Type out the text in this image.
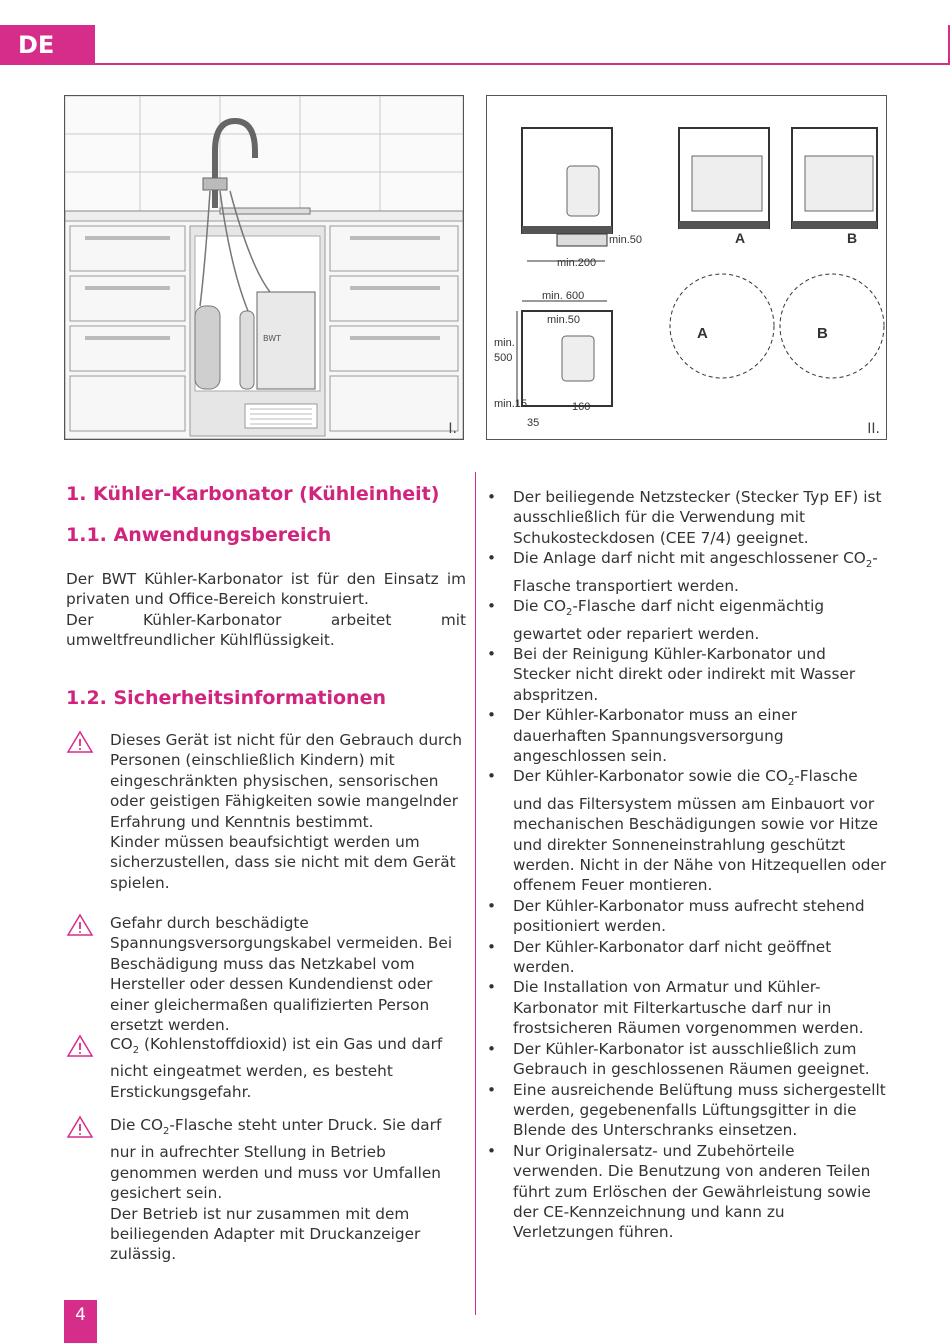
DE
BWT
I.
min.50
min.200
min. 600
min.50
min.
500
min.15	160
35
A	B
A	B
II.
1. Kühler-Karbonator (Kühleinheit)
1.1. Anwendungsbereich
Der BWT Kühler-Karbonator ist für den Einsatz im privaten und Office-Bereich konstruiert.
Der Kühler-Karbonator arbeitet mit umweltfreundlicher Kühlflüssigkeit.
1.2. Sicherheitsinformationen
Dieses Gerät ist nicht für den Gebrauch durch Personen (einschließlich Kindern) mit eingeschränkten physischen, sensorischen oder geistigen Fähigkeiten sowie mangelnder Erfahrung und Kenntnis bestimmt.
Kinder müssen beaufsichtigt werden um sicherzustellen, dass sie nicht mit dem Gerät spielen.
Gefahr durch beschädigte Spannungsversorgungskabel vermeiden. Bei Beschädigung muss das Netzkabel vom Hersteller oder dessen Kundendienst oder einer gleichermaßen qualifizierten Person ersetzt werden.
$CO_2$ (Kohlenstoffdioxid) ist ein Gas und darf nicht eingeatmet werden, es besteht Erstickungsgefahr.
Die $CO_2$-Flasche steht unter Druck. Sie darf nur in aufrechter Stellung in Betrieb genommen werden und muss vor Umfallen gesichert sein.
Der Betrieb ist nur zusammen mit dem beiliegenden Adapter mit Druckanzeiger zulässig.
• Der beiliegende Netzstecker (Stecker Typ EF) ist ausschließlich für die Verwendung mit Schukosteckdosen (CEE 7/4) geeignet.
• Die Anlage darf nicht mit angeschlossener $CO_2$-Flasche transportiert werden.
• Die $CO_2$-Flasche darf nicht eigenmächtig gewartet oder repariert werden.
• Bei der Reinigung Kühler-Karbonator und Stecker nicht direkt oder indirekt mit Wasser abspritzen.
• Der Kühler-Karbonator muss an einer dauerhaften Spannungsversorgung angeschlossen sein.
• Der Kühler-Karbonator sowie die $CO_2$-Flasche und das Filtersystem müssen am Einbauort vor mechanischen Beschädigungen sowie vor Hitze und direkter Sonneneinstrahlung geschützt werden. Nicht in der Nähe von Hitzequellen oder offenem Feuer montieren.
• Der Kühler-Karbonator muss aufrecht stehend positioniert werden.
• Der Kühler-Karbonator darf nicht geöffnet werden.
• Die Installation von Armatur und Kühler-Karbonator mit Filterkartusche darf nur in frostsicheren Räumen vorgenommen werden.
• Der Kühler-Karbonator ist ausschließlich zum Gebrauch in geschlossenen Räumen geeignet.
• Eine ausreichende Belüftung muss sichergestellt werden, gegebenenfalls Lüftungsgitter in die Blende des Unterschranks einsetzen.
• Nur Originalersatz- und Zubehörteile verwenden. Die Benutzung von anderen Teilen führt zum Erlöschen der Gewährleistung sowie der CE-Kennzeichnung und kann zu Verletzungen führen.
4
